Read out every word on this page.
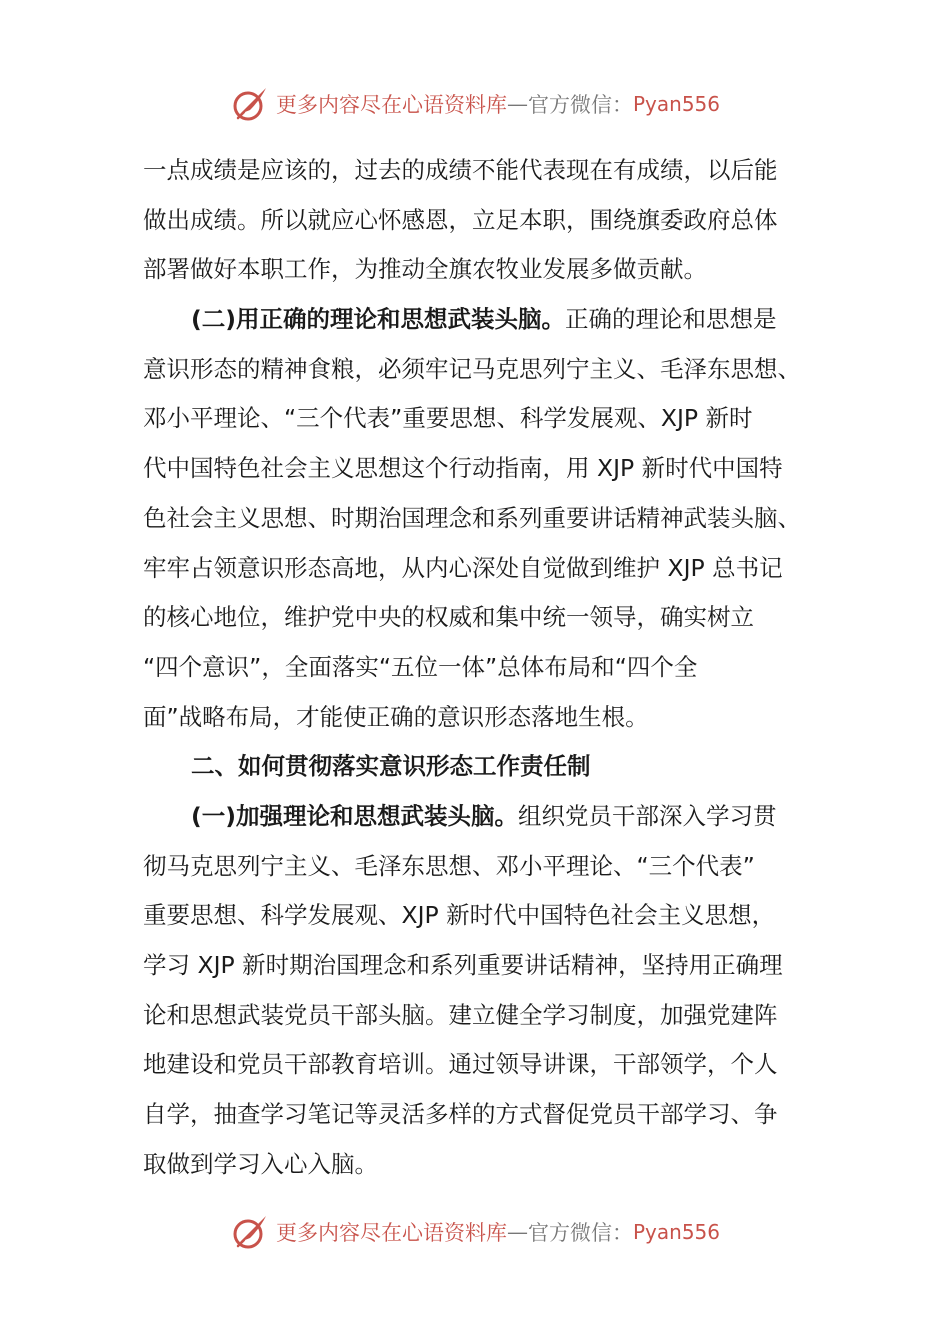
更多内容尽在心语资料库 — 官方微信： Pyan556
一点成绩是应该的，过去的成绩不能代表现在有成绩，以后能
做出成绩。所以就应心怀感恩，立足本职，围绕旗委政府总体
部署做好本职工作，为推动全旗农牧业发展多做贡献。
(二)用正确的理论和思想武装头脑。正确的理论和思想是
意识形态的精神食粮，必须牢记马克思列宁主义、毛泽东思想、
邓小平理论、“三个代表”重要思想、科学发展观、XJP 新时
代中国特色社会主义思想这个行动指南，用 XJP 新时代中国特
色社会主义思想、时期治国理念和系列重要讲话精神武装头脑、
牢牢占领意识形态高地，从内心深处自觉做到维护 XJP 总书记
的核心地位，维护党中央的权威和集中统一领导，确实树立
“四个意识”，全面落实“五位一体”总体布局和“四个全
面”战略布局，才能使正确的意识形态落地生根。
二、如何贯彻落实意识形态工作责任制
(一)加强理论和思想武装头脑。组织党员干部深入学习贯
彻马克思列宁主义、毛泽东思想、邓小平理论、“三个代表”
重要思想、科学发展观、XJP 新时代中国特色社会主义思想，
学习 XJP 新时期治国理念和系列重要讲话精神，坚持用正确理
论和思想武装党员干部头脑。建立健全学习制度，加强党建阵
地建设和党员干部教育培训。通过领导讲课，干部领学，个人
自学，抽查学习笔记等灵活多样的方式督促党员干部学习、争
取做到学习入心入脑。
更多内容尽在心语资料库 — 官方微信： Pyan556
